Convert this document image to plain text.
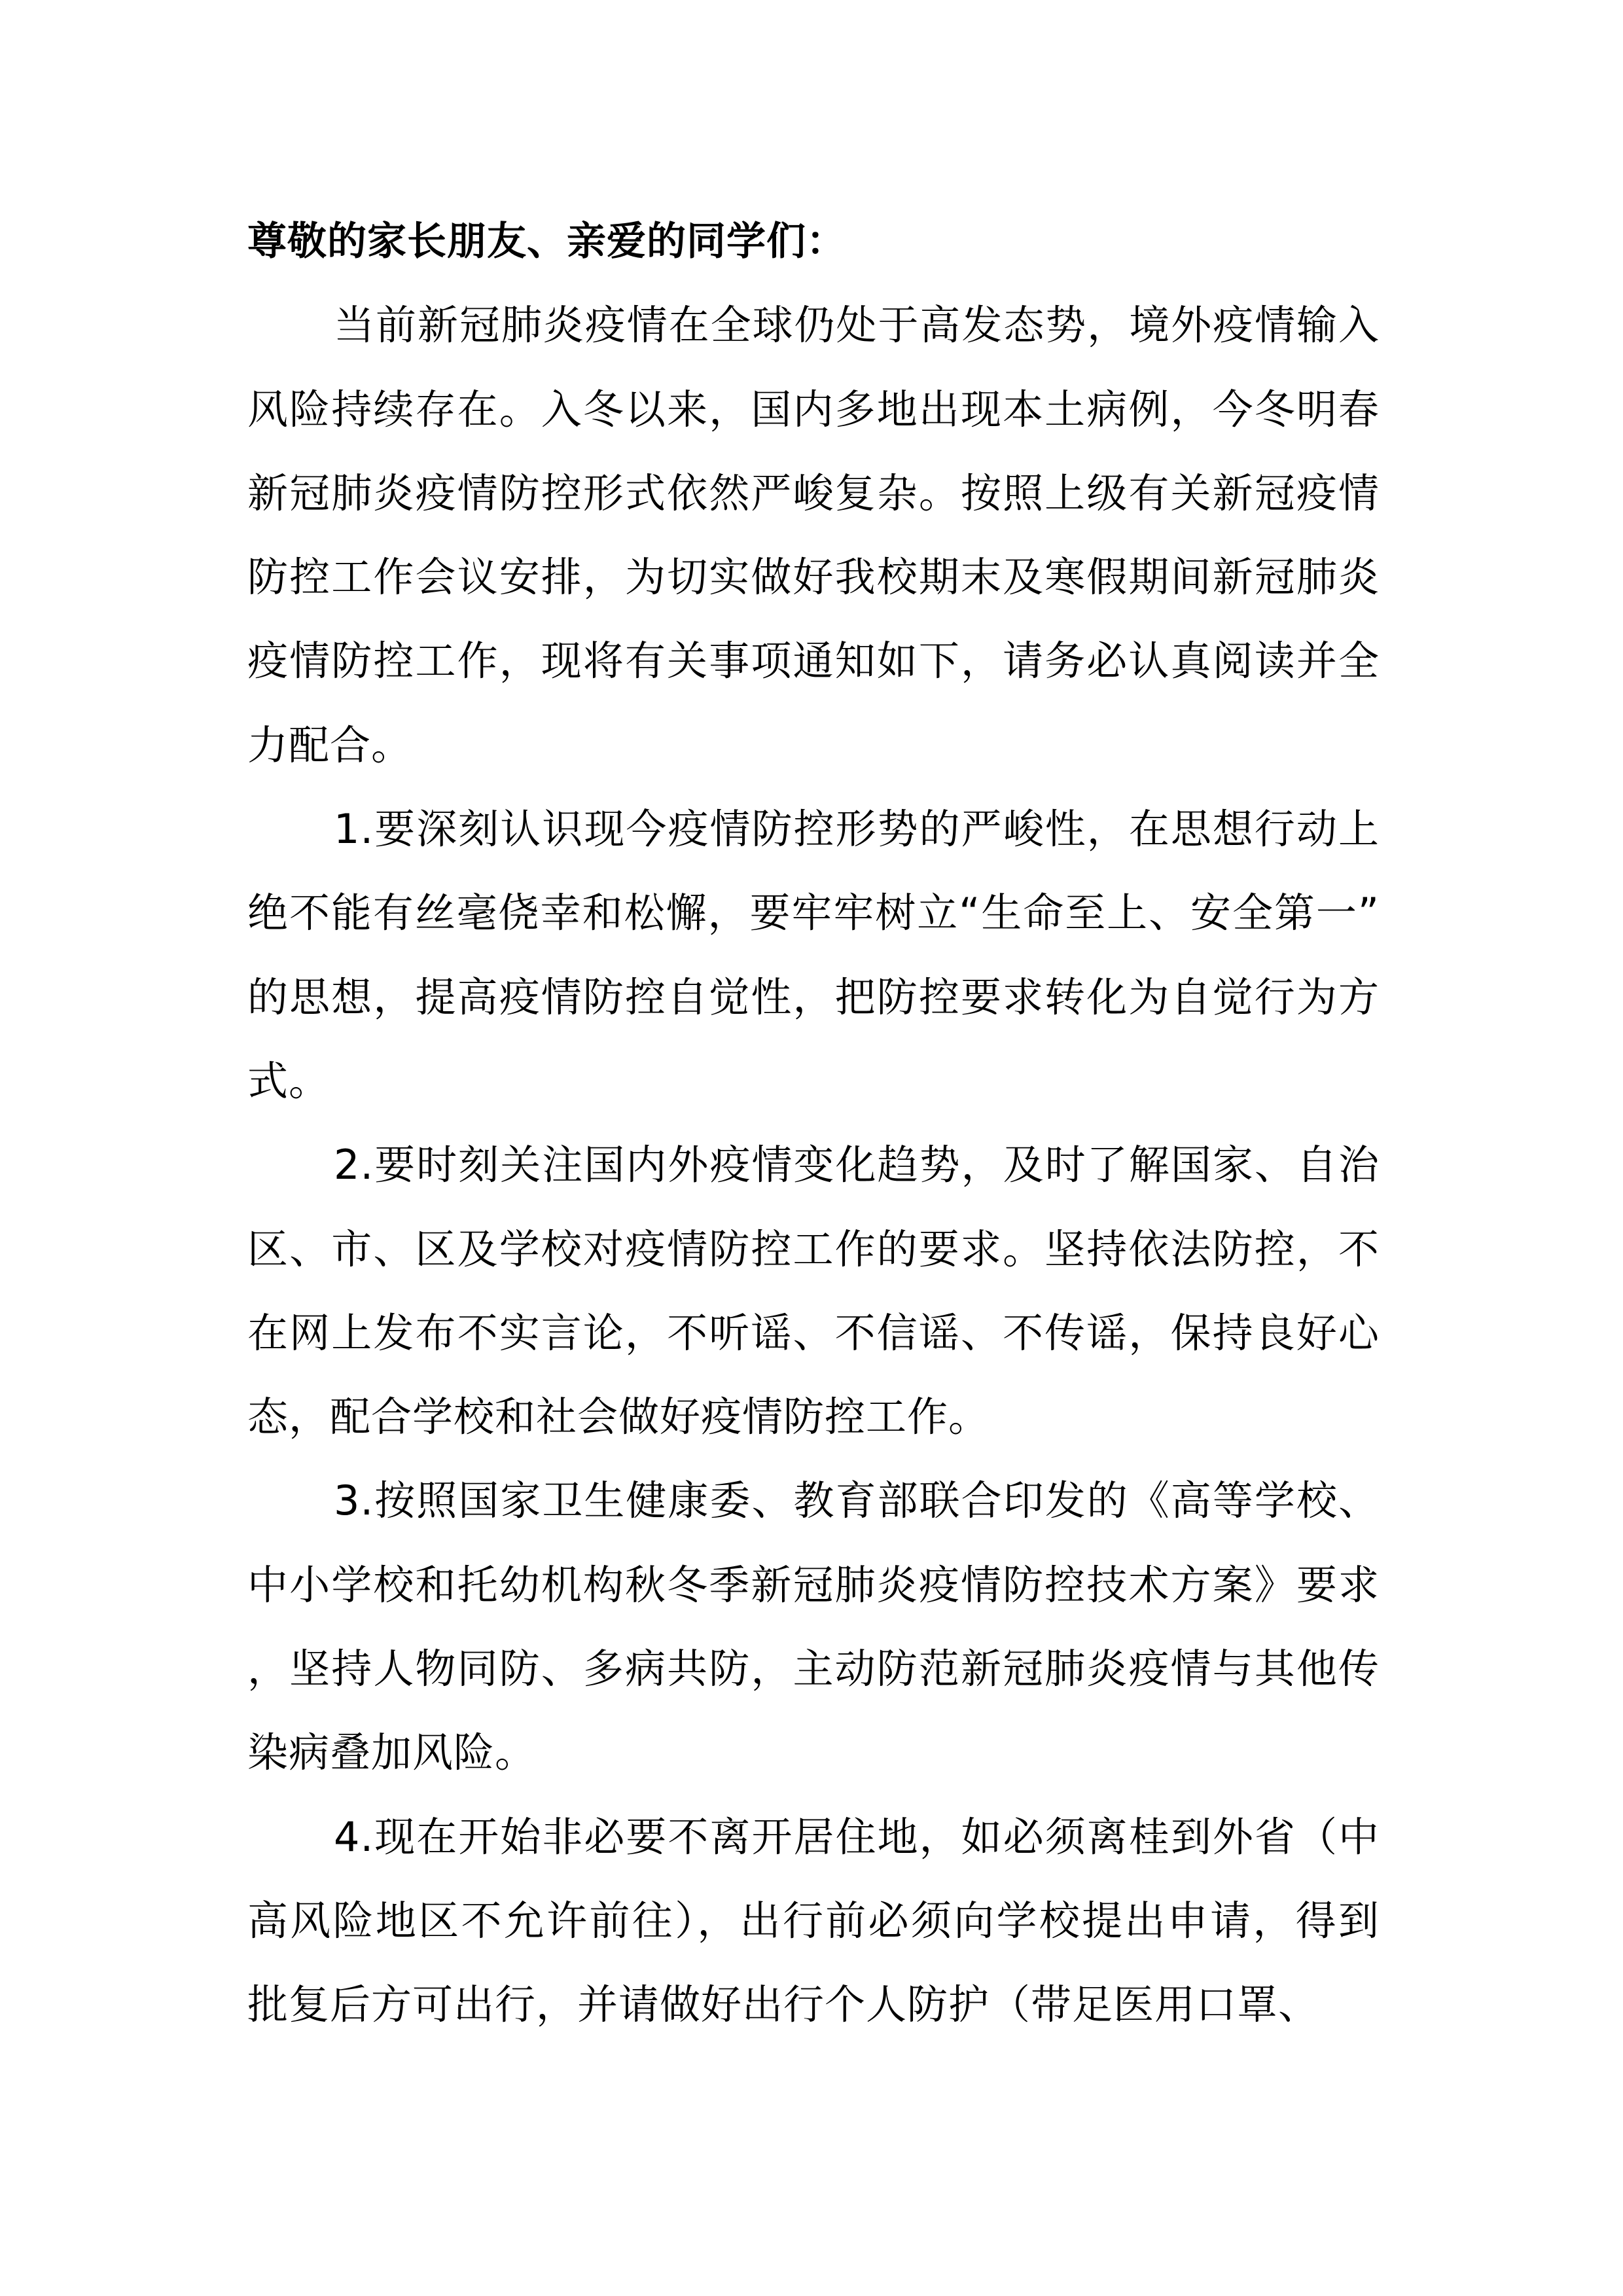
尊敬的家长朋友、亲爱的同学们：

当前新冠肺炎疫情在全球仍处于高发态势，境外疫情输入风险持续存在。入冬以来，国内多地出现本土病例，今冬明春新冠肺炎疫情防控形式依然严峻复杂。按照上级有关新冠疫情防控工作会议安排，为切实做好我校期末及寒假期间新冠肺炎疫情防控工作，现将有关事项通知如下，请务必认真阅读并全力配合。

1.要深刻认识现今疫情防控形势的严峻性，在思想行动上绝不能有丝毫侥幸和松懈，要牢牢树立“生命至上、安全第一”的思想，提高疫情防控自觉性，把防控要求转化为自觉行为方式。

2.要时刻关注国内外疫情变化趋势，及时了解国家、自治区、市、区及学校对疫情防控工作的要求。坚持依法防控，不在网上发布不实言论，不听谣、不信谣、不传谣，保持良好心态，配合学校和社会做好疫情防控工作。

3.按照国家卫生健康委、教育部联合印发的《高等学校、中小学校和托幼机构秋冬季新冠肺炎疫情防控技术方案》要求，坚持人物同防、多病共防，主动防范新冠肺炎疫情与其他传染病叠加风险。

4.现在开始非必要不离开居住地，如必须离桂到外省（中高风险地区不允许前往），出行前必须向学校提出申请，得到批复后方可出行，并请做好出行个人防护（带足医用口罩、
